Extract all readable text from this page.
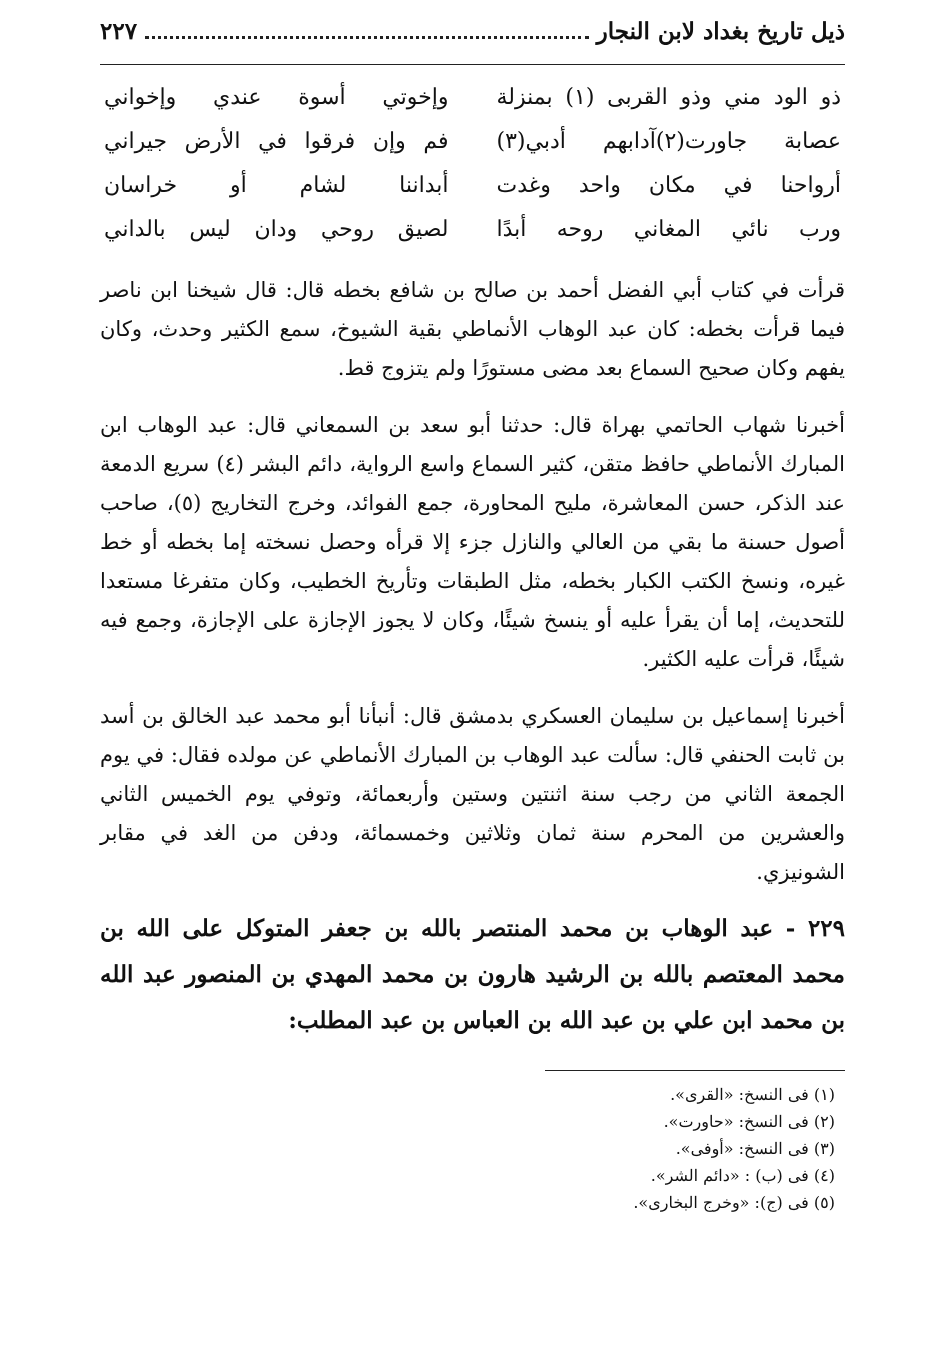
ذيل تاريخ بغداد لابن النجار
٢٢٧
ذو الود مني وذو القربى (١) بمنزلة
وإخوتي أسوة عندي وإخواني
عصابة جاورت(٢)آدابهم أدبي(٣)
فم وإن فرقوا في الأرض جيراني
أرواحنا في مكان واحد وغدت
أبداننا لشام أو خراسان
ورب نائي المغاني روحه أبدًا
لصيق روحي ودان ليس بالداني

قرأت في كتاب أبي الفضل أحمد بن صالح بن شافع بخطه قال: قال شيخنا ابن ناصر فيما قرأت بخطه: كان عبد الوهاب الأنماطي بقية الشيوخ، سمع الكثير وحدث، وكان يفهم وكان صحيح السماع بعد مضى مستورًا ولم يتزوج قط.

أخبرنا شهاب الحاتمي بهراة قال: حدثنا أبو سعد بن السمعاني قال: عبد الوهاب ابن المبارك الأنماطي حافظ متقن، كثير السماع واسع الرواية، دائم البشر (٤) سريع الدمعة عند الذكر، حسن المعاشرة، مليح المحاورة، جمع الفوائد، وخرج التخاريج (٥)، صاحب أصول حسنة ما بقي من العالي والنازل جزء إلا قرأه وحصل نسخته إما بخطه أو خط غيره، ونسخ الكتب الكبار بخطه، مثل الطبقات وتأريخ الخطيب، وكان متفرغا مستعدا للتحديث، إما أن يقرأ عليه أو ينسخ شيئًا، وكان لا يجوز الإجازة على الإجازة، وجمع فيه شيئًا، قرأت عليه الكثير.

أخبرنا إسماعيل بن سليمان العسكري بدمشق قال: أنبأنا أبو محمد عبد الخالق بن أسد بن ثابت الحنفي قال: سألت عبد الوهاب بن المبارك الأنماطي عن مولده فقال: في يوم الجمعة الثاني من رجب سنة اثنتين وستين وأربعمائة، وتوفي يوم الخميس الثاني والعشرين من المحرم سنة ثمان وثلاثين وخمسمائة، ودفن من الغد في مقابر الشونيزي.

٢٢٩ - عبد الوهاب بن محمد المنتصر بالله بن جعفر المتوكل على الله بن محمد المعتصم بالله بن الرشيد هارون بن محمد المهدي بن المنصور عبد الله بن محمد ابن علي بن عبد الله بن العباس بن عبد المطلب:
(١) فى النسخ: «القرى».
(٢) فى النسخ: «حاورت».
(٣) فى النسخ: «أوفى».
(٤) فى (ب) : «دائم الشر».
(٥) فى (ج): «وخرج البخارى».
